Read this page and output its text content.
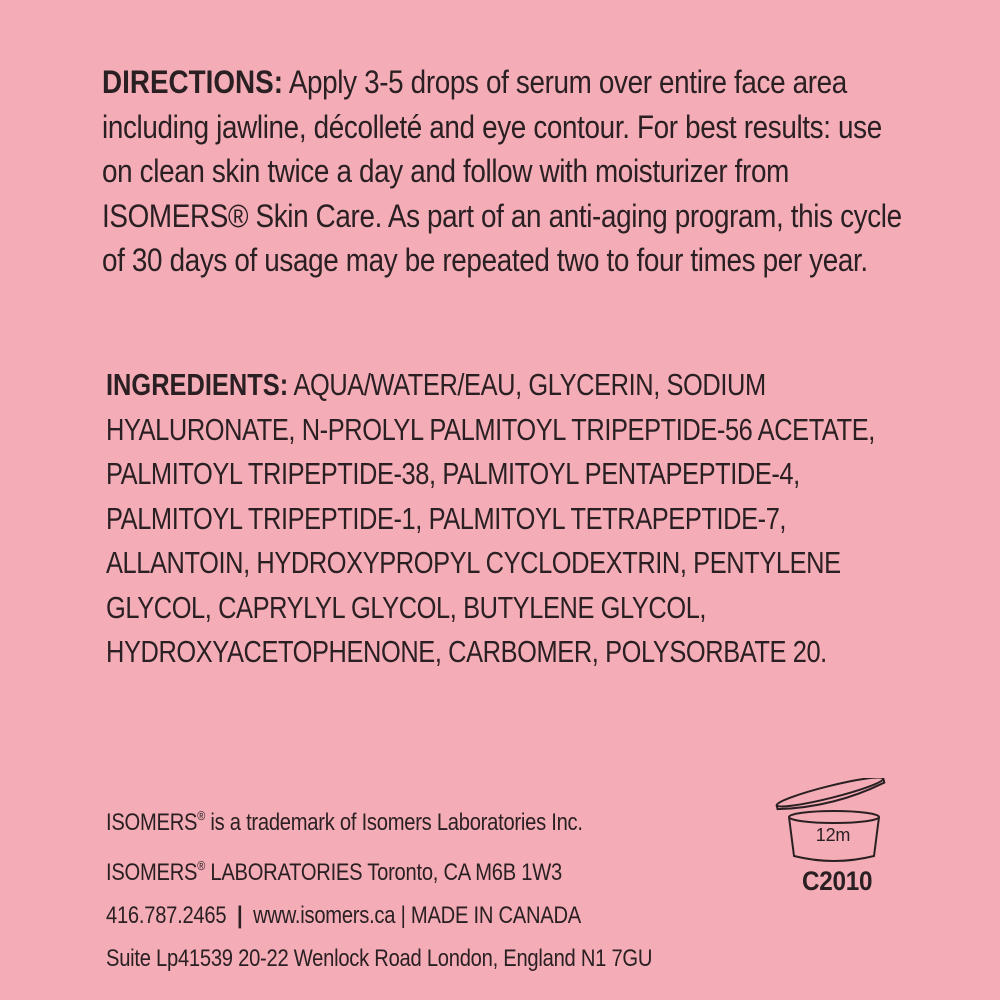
DIRECTIONS: Apply 3-5 drops of serum over entire face area including jawline, décolleté and eye contour. For best results: use on clean skin twice a day and follow with moisturizer from ISOMERS® Skin Care. As part of an anti-aging program, this cycle of 30 days of usage may be repeated two to four times per year.

INGREDIENTS: AQUA/WATER/EAU, GLYCERIN, SODIUM HYALURONATE, N-PROLYL PALMITOYL TRIPEPTIDE-56 ACETATE, PALMITOYL TRIPEPTIDE-38, PALMITOYL PENTAPEPTIDE-4, PALMITOYL TRIPEPTIDE-1, PALMITOYL TETRAPEPTIDE-7, ALLANTOIN, HYDROXYPROPYL CYCLODEXTRIN, PENTYLENE GLYCOL, CAPRYLYL GLYCOL, BUTYLENE GLYCOL, HYDROXYACETOPHENONE, CARBOMER, POLYSORBATE 20.

ISOMERS® is a trademark of Isomers Laboratories Inc.
ISOMERS® LABORATORIES Toronto, CA M6B 1W3
416.787.2465 | www.isomers.ca | MADE IN CANADA
Suite Lp41539 20-22 Wenlock Road London, England N1 7GU
12m
C2010
